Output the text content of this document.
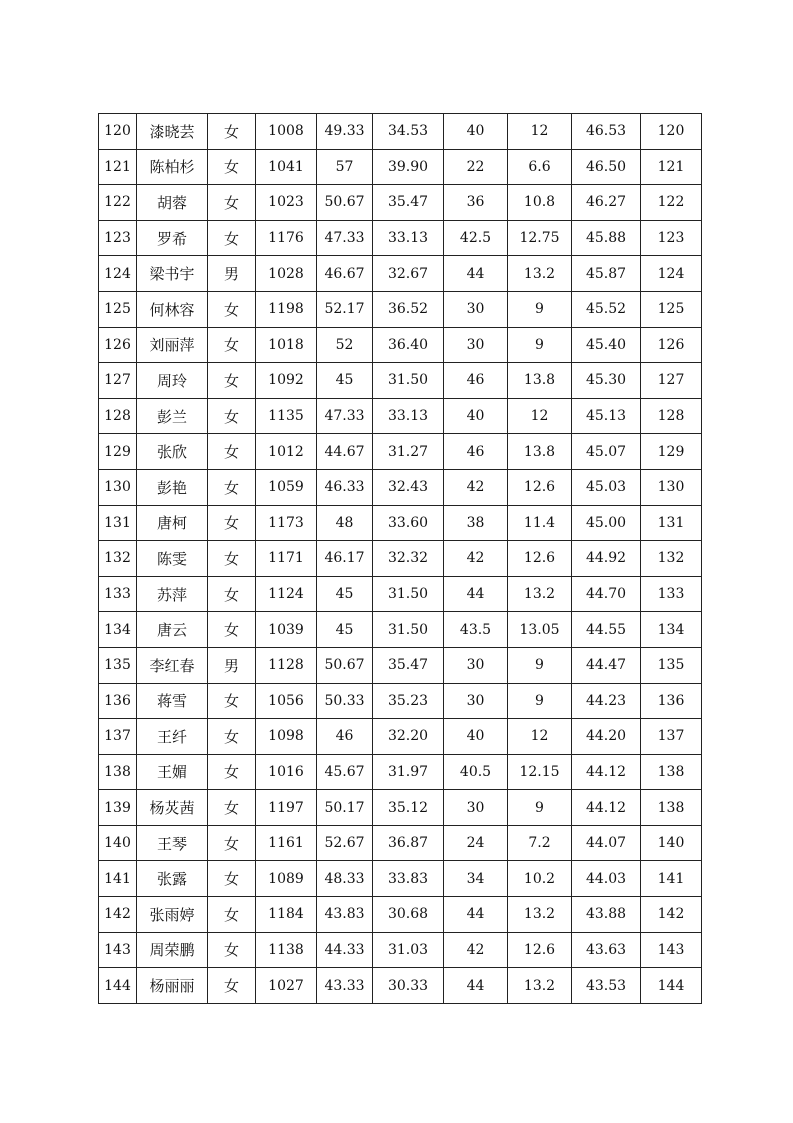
120	漆晓芸	女	1008	49.33	34.53	40	12	46.53	120
121	陈柏杉	女	1041	57	39.90	22	6.6	46.50	121
122	胡蓉	女	1023	50.67	35.47	36	10.8	46.27	122
123	罗希	女	1176	47.33	33.13	42.5	12.75	45.88	123
124	梁书宇	男	1028	46.67	32.67	44	13.2	45.87	124
125	何林容	女	1198	52.17	36.52	30	9	45.52	125
126	刘丽萍	女	1018	52	36.40	30	9	45.40	126
127	周玲	女	1092	45	31.50	46	13.8	45.30	127
128	彭兰	女	1135	47.33	33.13	40	12	45.13	128
129	张欣	女	1012	44.67	31.27	46	13.8	45.07	129
130	彭艳	女	1059	46.33	32.43	42	12.6	45.03	130
131	唐柯	女	1173	48	33.60	38	11.4	45.00	131
132	陈雯	女	1171	46.17	32.32	42	12.6	44.92	132
133	苏萍	女	1124	45	31.50	44	13.2	44.70	133
134	唐云	女	1039	45	31.50	43.5	13.05	44.55	134
135	李红春	男	1128	50.67	35.47	30	9	44.47	135
136	蒋雪	女	1056	50.33	35.23	30	9	44.23	136
137	王纤	女	1098	46	32.20	40	12	44.20	137
138	王媚	女	1016	45.67	31.97	40.5	12.15	44.12	138
139	杨炗茜	女	1197	50.17	35.12	30	9	44.12	138
140	王琴	女	1161	52.67	36.87	24	7.2	44.07	140
141	张露	女	1089	48.33	33.83	34	10.2	44.03	141
142	张雨婷	女	1184	43.83	30.68	44	13.2	43.88	142
143	周荣鹏	女	1138	44.33	31.03	42	12.6	43.63	143
144	杨丽丽	女	1027	43.33	30.33	44	13.2	43.53	144
